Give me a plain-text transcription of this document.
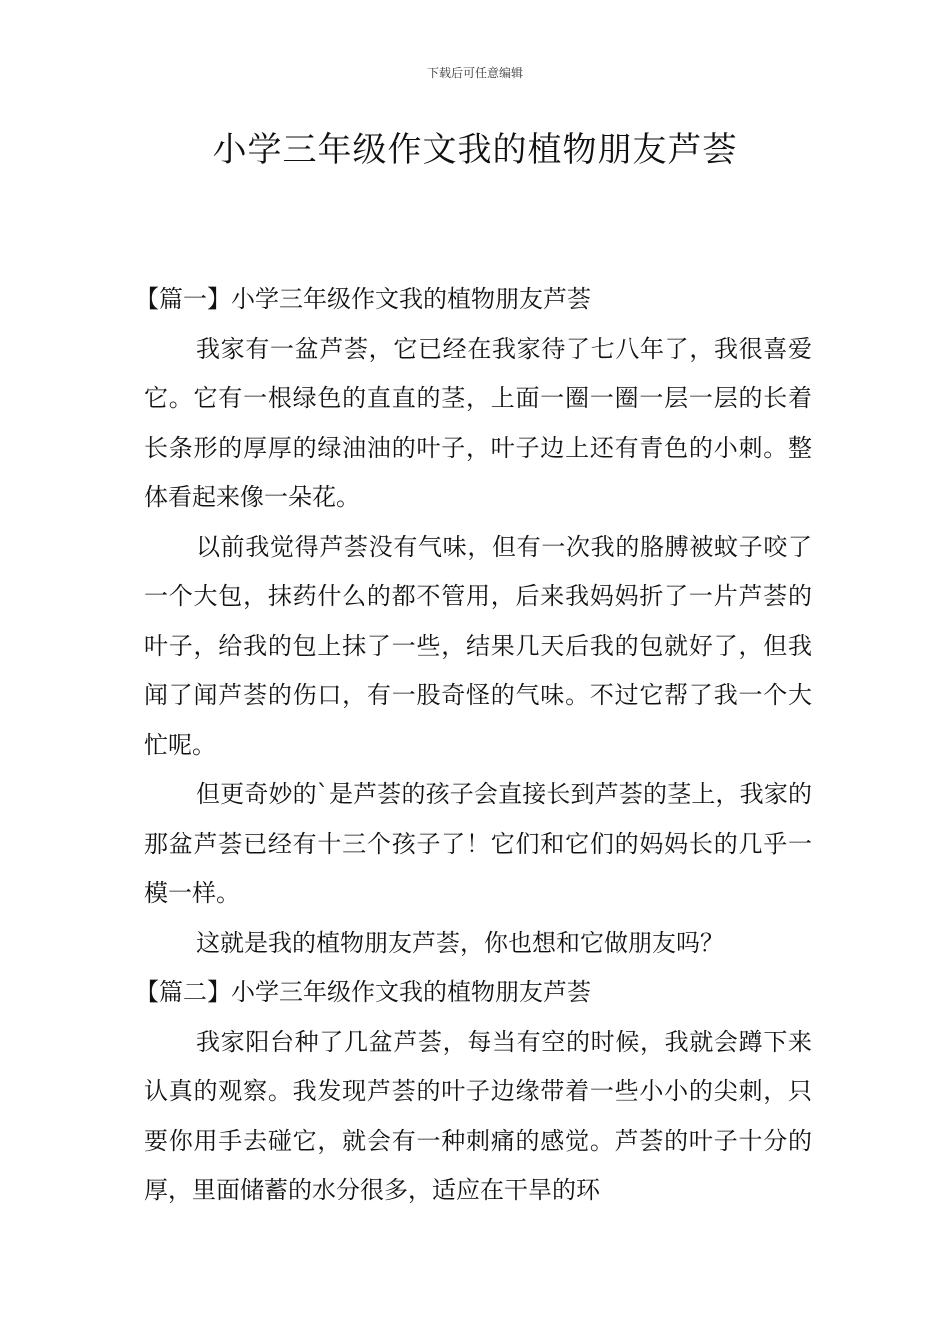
下载后可任意编辑
小学三年级作文我的植物朋友芦荟

【篇一】小学三年级作文我的植物朋友芦荟

我家有一盆芦荟，它已经在我家待了七八年了，我很喜爱它。它有一根绿色的直直的茎，上面一圈一圈一层一层的长着长条形的厚厚的绿油油的叶子，叶子边上还有青色的小刺。整体看起来像一朵花。

以前我觉得芦荟没有气味，但有一次我的胳膊被蚊子咬了一个大包，抹药什么的都不管用，后来我妈妈折了一片芦荟的叶子，给我的包上抹了一些，结果几天后我的包就好了，但我闻了闻芦荟的伤口，有一股奇怪的气味。不过它帮了我一个大忙呢。

但更奇妙的`是芦荟的孩子会直接长到芦荟的茎上，我家的那盆芦荟已经有十三个孩子了！它们和它们的妈妈长的几乎一模一样。

这就是我的植物朋友芦荟，你也想和它做朋友吗？

【篇二】小学三年级作文我的植物朋友芦荟

我家阳台种了几盆芦荟，每当有空的时候，我就会蹲下来认真的观察。我发现芦荟的叶子边缘带着一些小小的尖刺，只要你用手去碰它，就会有一种刺痛的感觉。芦荟的叶子十分的厚，里面储蓄的水分很多，适应在干旱的环
